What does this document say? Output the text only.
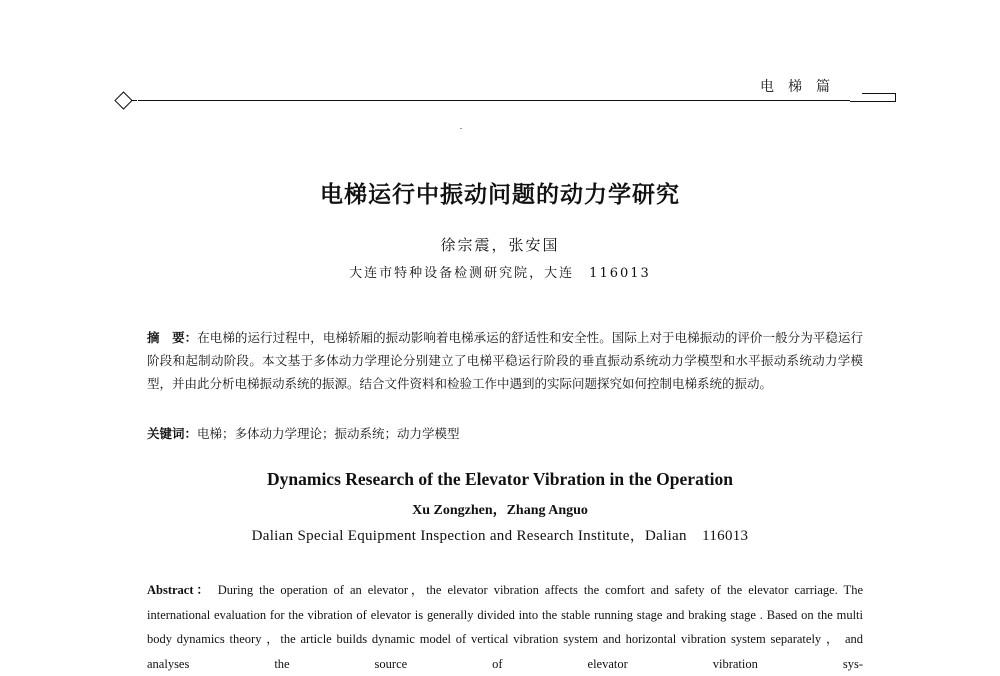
电梯篇
电梯运行中振动问题的动力学研究
徐宗震，张安国
大连市特种设备检测研究院，大连　116013
摘　要：在电梯的运行过程中，电梯轿厢的振动影响着电梯承运的舒适性和安全性。国际上对于电梯振动的评价一般分为平稳运行阶段和起制动阶段。本文基于多体动力学理论分别建立了电梯平稳运行阶段的垂直振动系统动力学模型和水平振动系统动力学模型，并由此分析电梯振动系统的振源。结合文件资料和检验工作中遇到的实际问题探究如何控制电梯系统的振动。
关键词：电梯；多体动力学理论；振动系统；动力学模型
Dynamics Research of the Elevator Vibration in the Operation
Xu Zongzhen，Zhang Anguo
Dalian Special Equipment Inspection and Research Institute，Dalian　116013
Abstract： During the operation of an elevator，the elevator vibration affects the comfort and safety of the elevator carriage. The international evaluation for the vibration of elevator is generally divided into the stable running stage and braking stage . Based on the multi body dynamics theory ，the article builds dynamic model of vertical vibration system and horizontal vibration system separately ， and analyses the source of elevator vibration sys-
